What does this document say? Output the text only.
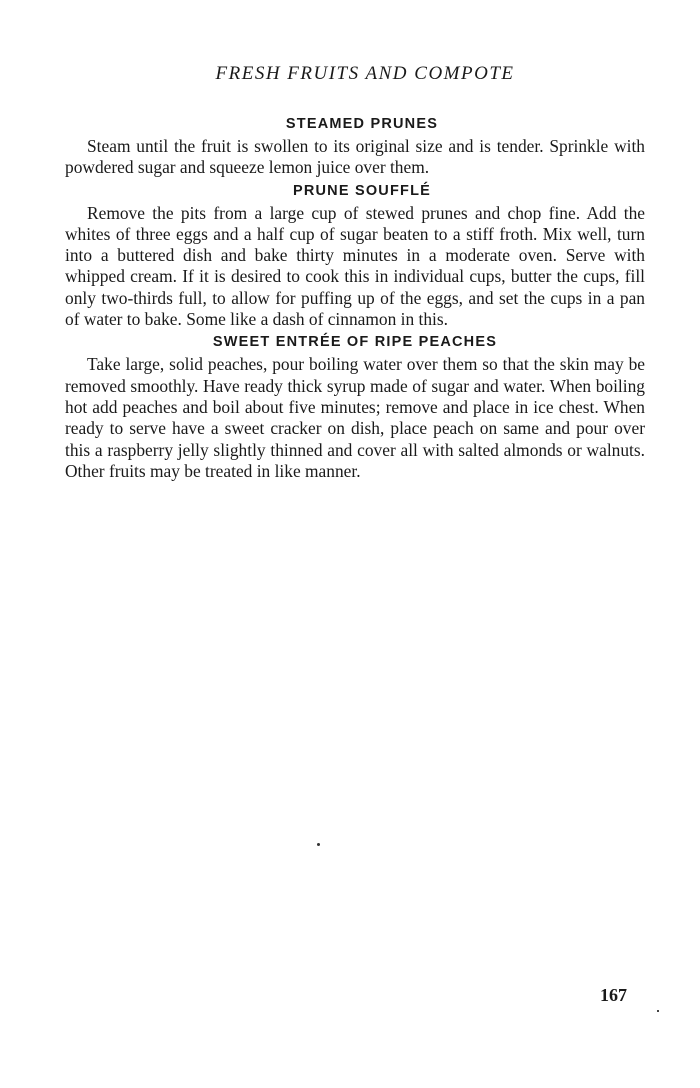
FRESH FRUITS AND COMPOTE
STEAMED PRUNES

Steam until the fruit is swollen to its original size and is tender. Sprinkle with powdered sugar and squeeze lemon juice over them.

PRUNE SOUFFLÉ

Remove the pits from a large cup of stewed prunes and chop fine. Add the whites of three eggs and a half cup of sugar beaten to a stiff froth. Mix well, turn into a buttered dish and bake thirty minutes in a moderate oven. Serve with whipped cream. If it is desired to cook this in individual cups, butter the cups, fill only two-thirds full, to allow for puffing up of the eggs, and set the cups in a pan of water to bake. Some like a dash of cinnamon in this.

SWEET ENTRÉE OF RIPE PEACHES

Take large, solid peaches, pour boiling water over them so that the skin may be removed smoothly. Have ready thick syrup made of sugar and water. When boiling hot add peaches and boil about five minutes; remove and place in ice chest. When ready to serve have a sweet cracker on dish, place peach on same and pour over this a raspberry jelly slightly thinned and cover all with salted almonds or walnuts. Other fruits may be treated in like manner.

167
